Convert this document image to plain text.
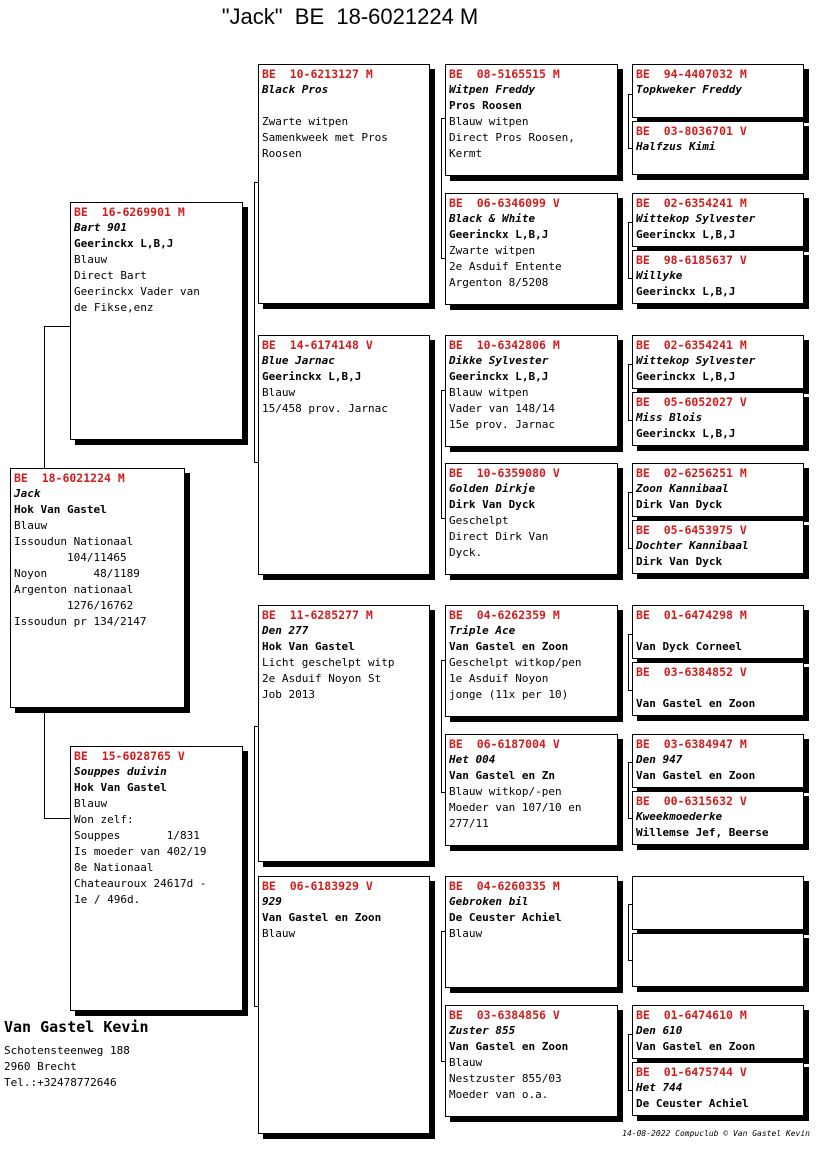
"Jack"  BE  18-6021224 M
BE  18-6021224 M
Jack
Hok Van Gastel
Blauw
Issoudun Nationaal
104/11465
Noyon       48/1189
Argenton nationaal
1276/16762
Issoudun pr 134/2147
BE  16-6269901 M
Bart 901
Geerinckx L,B,J
Blauw
Direct Bart
Geerinckx Vader van
de Fikse,enz
BE  15-6028765 V
Souppes duivin
Hok Van Gastel
Blauw
Won zelf:
Souppes       1/831
Is moeder van 402/19
8e Nationaal
Chateauroux 24617d -
1e / 496d.
BE  10-6213127 M
Black Pros
Zwarte witpen
Samenkweek met Pros
Roosen
BE  14-6174148 V
Blue Jarnac
Geerinckx L,B,J
Blauw
15/458 prov. Jarnac
BE  11-6285277 M
Den 277
Hok Van Gastel
Licht geschelpt witp
2e Asduif Noyon St
Job 2013
BE  06-6183929 V
929
Van Gastel en Zoon
Blauw
BE  08-5165515 M
Witpen Freddy
Pros Roosen
Blauw witpen
Direct Pros Roosen,
Kermt
BE  06-6346099 V
Black & White
Geerinckx L,B,J
Zwarte witpen
2e Asduif Entente
Argenton 8/5208
BE  10-6342806 M
Dikke Sylvester
Geerinckx L,B,J
Blauw witpen
Vader van 148/14
15e prov. Jarnac
BE  10-6359080 V
Golden Dirkje
Dirk Van Dyck
Geschelpt
Direct Dirk Van
Dyck.
BE  04-6262359 M
Triple Ace
Van Gastel en Zoon
Geschelpt witkop/pen
1e Asduif Noyon
jonge (11x per 10)
BE  06-6187004 V
Het 004
Van Gastel en Zn
Blauw witkop/-pen
Moeder van 107/10 en
277/11
BE  04-6260335 M
Gebroken bil
De Ceuster Achiel
Blauw
BE  03-6384856 V
Zuster 855
Van Gastel en Zoon
Blauw
Nestzuster 855/03
Moeder van o.a.
BE  94-4407032 M
Topkweker Freddy
BE  03-8036701 V
Halfzus Kimi
BE  02-6354241 M
Wittekop Sylvester
Geerinckx L,B,J
BE  98-6185637 V
Willyke
Geerinckx L,B,J
BE  02-6354241 M
Wittekop Sylvester
Geerinckx L,B,J
BE  05-6052027 V
Miss Blois
Geerinckx L,B,J
BE  02-6256251 M
Zoon Kannibaal
Dirk Van Dyck
BE  05-6453975 V
Dochter Kannibaal
Dirk Van Dyck
BE  01-6474298 M
Van Dyck Corneel
BE  03-6384852 V
Van Gastel en Zoon
BE  03-6384947 M
Den 947
Van Gastel en Zoon
BE  00-6315632 V
Kweekmoederke
Willemse Jef, Beerse
BE  01-6474610 M
Den 610
Van Gastel en Zoon
BE  01-6475744 V
Het 744
De Ceuster Achiel
Van Gastel Kevin
Schotensteenweg 188
2960 Brecht
Tel.:+32478772646
14-08-2022 Compuclub © Van Gastel Kevin
